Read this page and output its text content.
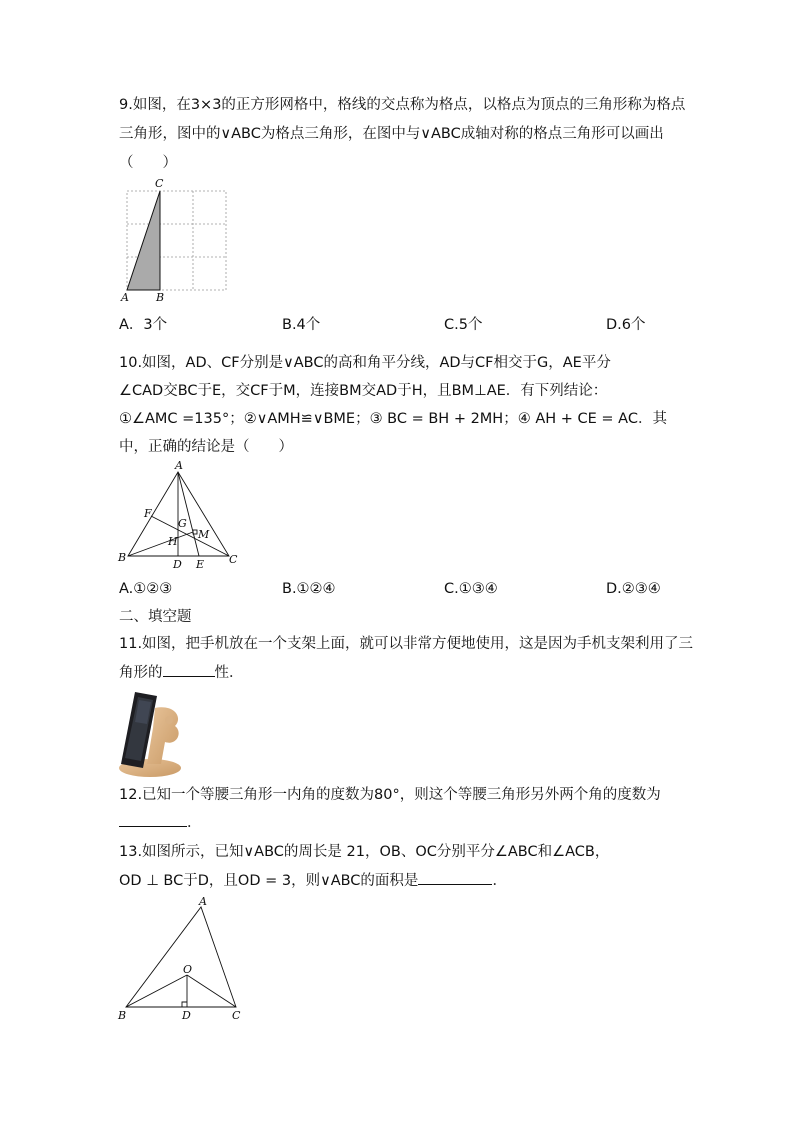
9.如图，在3×3的正方形网格中，格线的交点称为格点，以格点为顶点的三角形称为格点
三角形，图中的∨ABC为格点三角形，在图中与∨ABC成轴对称的格点三角形可以画出
（　　）
C
A B
A．3个	B.4个	C.5个	D.6个
10.如图，AD、CF分别是∨ABC的高和角平分线，AD与CF相交于G，AE平分
∠CAD交BC于E，交CF于M，连接BM交AD于H，且BM⊥AE．有下列结论：
①∠AMC =135°；②∨AMH≌∨BME；③ BC = BH + 2MH；④ AH + CE = AC．其
中，正确的结论是（　　）
A
F
G
M
H
B
D E C
A.①②③	B.①②④	C.①③④	D.②③④
二、填空题
11.如图，把手机放在一个支架上面，就可以非常方便地使用，这是因为手机支架利用了三
角形的	性．
12.已知一个等腰三角形一内角的度数为80°，则这个等腰三角形另外两个角的度数为
．
13.如图所示，已知∨ABC的周长是 21，OB、OC分别平分∠ABC和∠ACB，
OD ⊥ BC于D，且OD = 3，则∨ABC的面积是	．
A
O
B	D	C
